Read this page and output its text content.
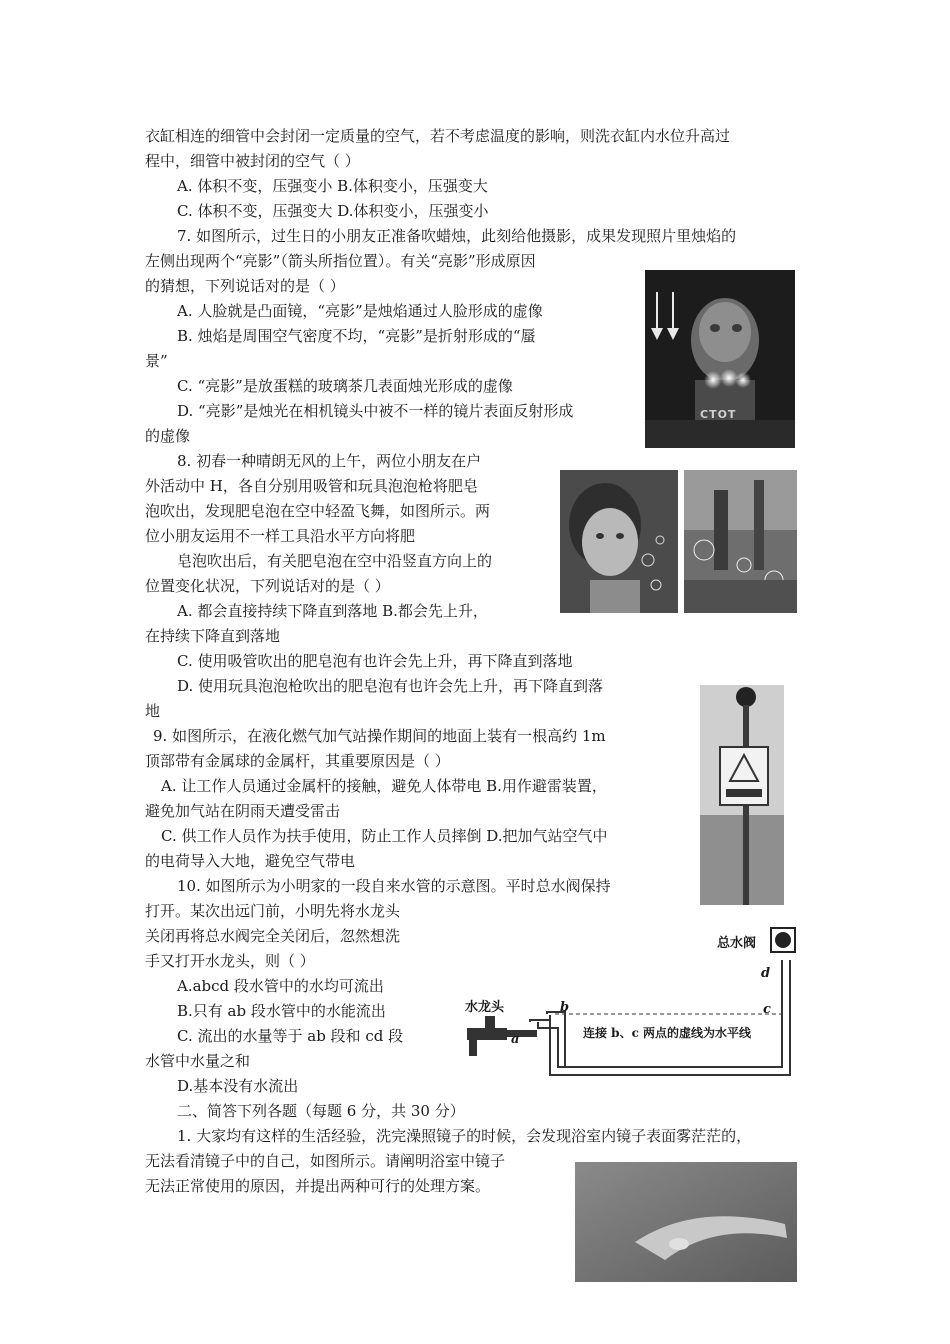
衣缸相连的细管中会封闭一定质量的空气，若不考虑温度的影响，则洗衣缸内水位升高过
程中，细管中被封闭的空气（ ）
A. 体积不变，压强变小 B.体积变小，压强变大
C. 体积不变，压强变大 D.体积变小，压强变小
7. 如图所示，过生日的小朋友正准备吹蜡烛，此刻给他摄影，成果发现照片里烛焰的
左侧出现两个“亮影”（箭头所指位置）。有关“亮影”形成原因
的猜想，下列说话对的是（ ）
A. 人脸就是凸面镜，“亮影”是烛焰通过人脸形成的虚像
B. 烛焰是周围空气密度不均，“亮影”是折射形成的“蜃
景”
C. “亮影”是放蛋糕的玻璃茶几表面烛光形成的虚像
D. “亮影”是烛光在相机镜头中被不一样的镜片表面反射形成
的虚像
8. 初春一种晴朗无风的上午，两位小朋友在户
外活动中 H，各自分别用吸管和玩具泡泡枪将肥皂
泡吹出，发现肥皂泡在空中轻盈飞舞，如图所示。两
位小朋友运用不一样工具沿水平方向将肥
皂泡吹出后，有关肥皂泡在空中沿竖直方向上的
位置变化状况，下列说话对的是（ ）
A. 都会直接持续下降直到落地 B.都会先上升，
在持续下降直到落地
C. 使用吸管吹出的肥皂泡有也许会先上升，再下降直到落地
D. 使用玩具泡泡枪吹出的肥皂泡有也许会先上升，再下降直到落
地
9. 如图所示，在液化燃气加气站操作期间的地面上装有一根高约 1m
顶部带有金属球的金属杆，其重要原因是（ ）
A. 让工作人员通过金属杆的接触，避免人体带电 B.用作避雷装置，
避免加气站在阴雨天遭受雷击
C. 供工作人员作为扶手使用，防止工作人员摔倒 D.把加气站空气中
的电荷导入大地，避免空气带电
10. 如图所示为小明家的一段自来水管的示意图。平时总水阀保持
打开。某次出远门前，小明先将水龙头
关闭再将总水阀完全关闭后，忽然想洗
手又打开水龙头，则（ ）
A.abcd 段水管中的水均可流出
B.只有 ab 段水管中的水能流出
C. 流出的水量等于 ab 段和 cd 段
水管中水量之和
D.基本没有水流出
二、简答下列各题（每题 6 分，共 30 分）
1. 大家均有这样的生活经验，洗完澡照镜子的时候，会发现浴室内镜子表面雾茫茫的，
无法看清镜子中的自己，如图所示。请阐明浴室中镜子
无法正常使用的原因，并提出两种可行的处理方案。
CTOT
总水阀
水龙头
连接 b、c 两点的虚线为水平线
a
b	c
d
